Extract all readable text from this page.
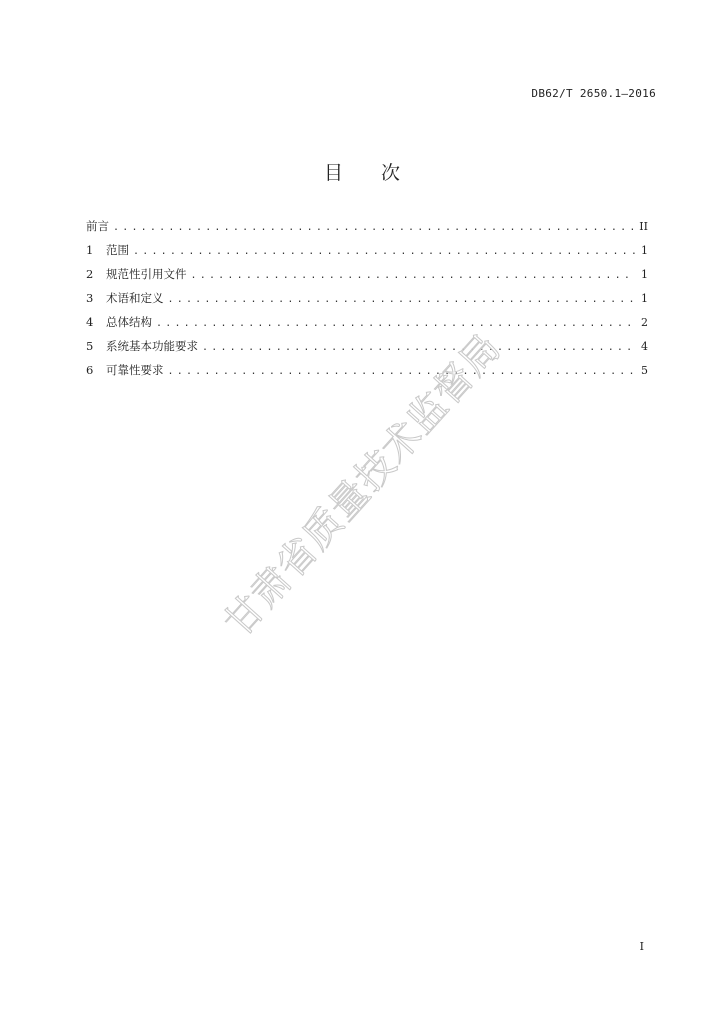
DB62/T 2650.1—2016
目　　次
前言 .....	II
1	范围 .....	1
2	规范性引用文件 .....	1
3	术语和定义 .....	1
4	总体结构 .....	2
5	系统基本功能要求 .....	4
6	可靠性要求 .....	5
甘肃省质量技术监督局
I
